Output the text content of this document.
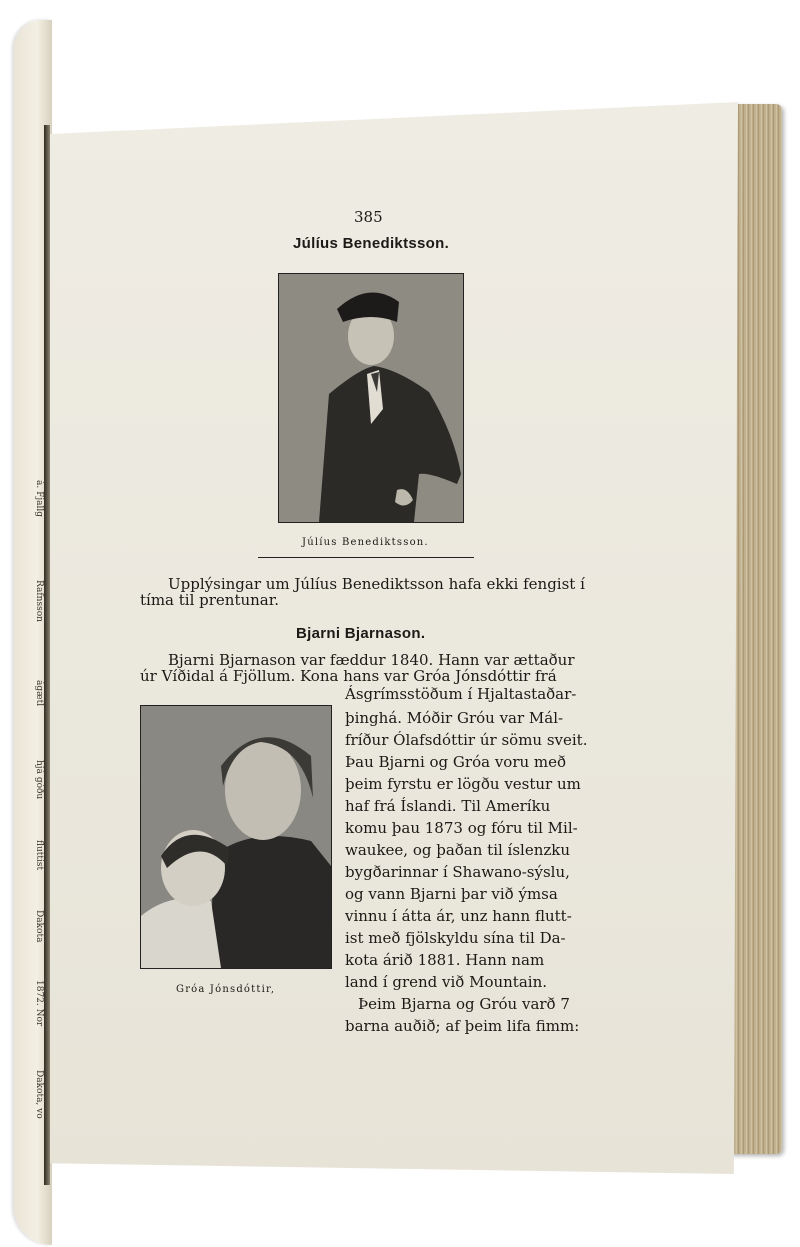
á. Fjallg
Rafnsson
ágætl
hjá góðu
fluttist
Dakota
1872. Nor
Dakota, vo
385
Júlíus Benediktsson.
Júlíus Benediktsson.
Upplýsingar um Júlíus Benediktsson hafa ekki fengist í
tíma til prentunar.
Bjarni Bjarnason.
Bjarni Bjarnason var fæddur 1840. Hann var ættaður
úr Víðidal á Fjöllum. Kona hans var Gróa Jónsdóttir frá
Gróa Jónsdóttir,
Ásgrímsstöðum í Hjaltastaðar-
þinghá. Móðir Gróu var Mál-
fríður Ólafsdóttir úr sömu sveit.
Þau Bjarni og Gróa voru með
þeim fyrstu er lögðu vestur um
haf frá Íslandi. Til Ameríku
komu þau 1873 og fóru til Mil-
waukee, og þaðan til íslenzku
bygðarinnar í Shawano-sýslu,
og vann Bjarni þar við ýmsa
vinnu í átta ár, unz hann flutt-
ist með fjölskyldu sína til Da-
kota árið 1881. Hann nam
land í grend við Mountain.
Þeim Bjarna og Gróu varð 7
barna auðið; af þeim lifa fimm:
